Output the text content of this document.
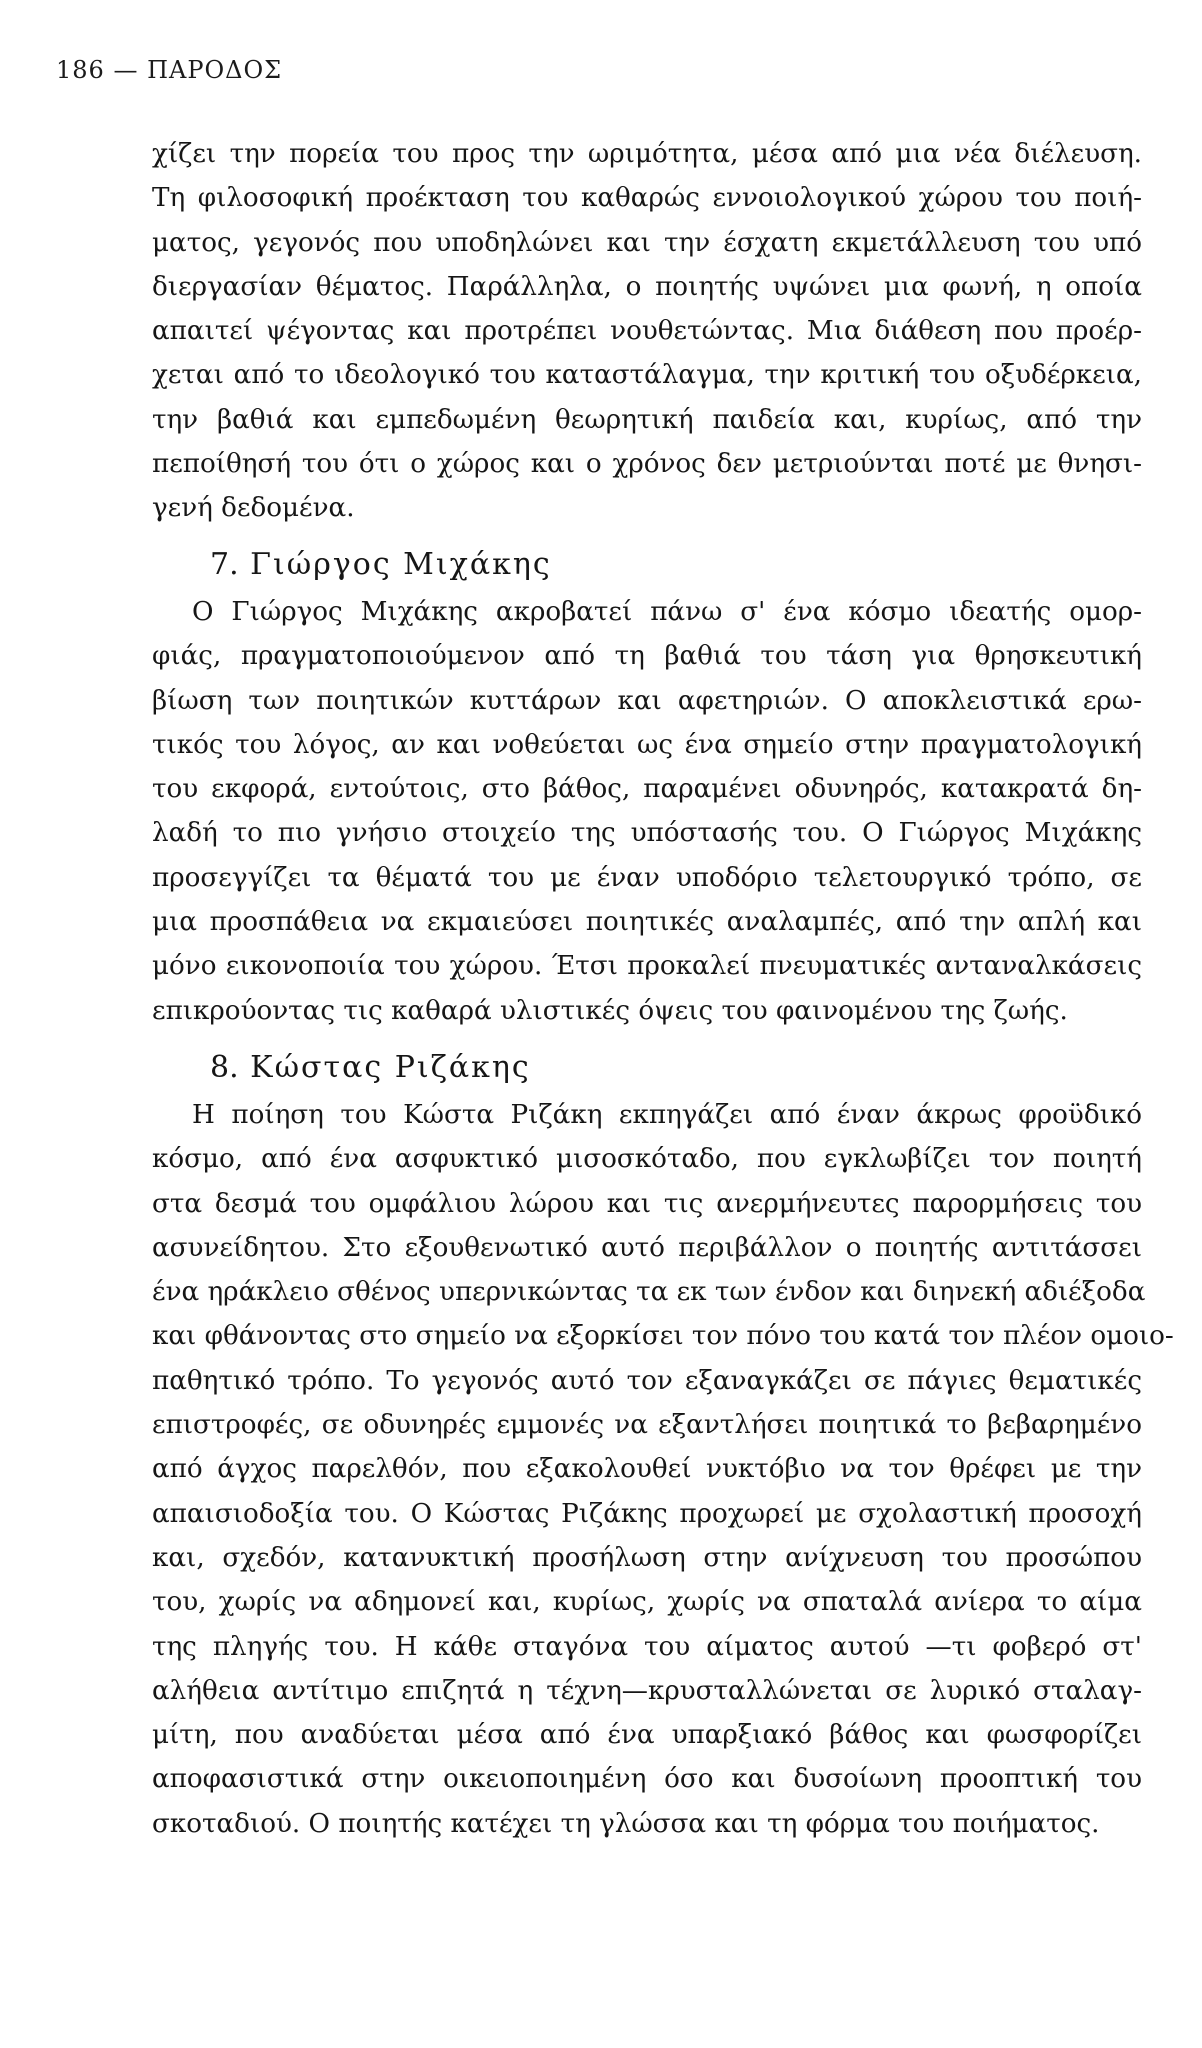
186 — ΠΑΡΟΔΟΣ
χίζει την πορεία του προς την ωριμότητα, μέσα από μια νέα διέλευση.
Τη φιλοσοφική προέκταση του καθαρώς εννοιολογικού χώρου του ποιή-
ματος, γεγονός που υποδηλώνει και την έσχατη εκμετάλλευση του υπό
διεργασίαν θέματος. Παράλληλα, ο ποιητής υψώνει μια φωνή, η οποία
απαιτεί ψέγοντας και προτρέπει νουθετώντας. Μια διάθεση που προέρ-
χεται από το ιδεολογικό του καταστάλαγμα, την κριτική του οξυδέρκεια,
την βαθιά και εμπεδωμένη θεωρητική παιδεία και, κυρίως, από την
πεποίθησή του ότι ο χώρος και ο χρόνος δεν μετριούνται ποτέ με θνησι-
γενή δεδομένα.
7. Γιώργος Μιχάκης
Ο Γιώργος Μιχάκης ακροβατεί πάνω σ' ένα κόσμο ιδεατής ομορ-
φιάς, πραγματοποιούμενον από τη βαθιά του τάση για θρησκευτική
βίωση των ποιητικών κυττάρων και αφετηριών. Ο αποκλειστικά ερω-
τικός του λόγος, αν και νοθεύεται ως ένα σημείο στην πραγματολογική
του εκφορά, εντούτοις, στο βάθος, παραμένει οδυνηρός, κατακρατά δη-
λαδή το πιο γνήσιο στοιχείο της υπόστασής του. Ο Γιώργος Μιχάκης
προσεγγίζει τα θέματά του με έναν υποδόριο τελετουργικό τρόπο, σε
μια προσπάθεια να εκμαιεύσει ποιητικές αναλαμπές, από την απλή και
μόνο εικονοποιία του χώρου. Έτσι προκαλεί πνευματικές ανταναλκάσεις
επικρούοντας τις καθαρά υλιστικές όψεις του φαινομένου της ζωής.
8. Κώστας Ριζάκης
Η ποίηση του Κώστα Ριζάκη εκπηγάζει από έναν άκρως φροϋδικό
κόσμο, από ένα ασφυκτικό μισοσκόταδο, που εγκλωβίζει τον ποιητή
στα δεσμά του ομφάλιου λώρου και τις ανερμήνευτες παρορμήσεις του
ασυνείδητου. Στο εξουθενωτικό αυτό περιβάλλον ο ποιητής αντιτάσσει
ένα ηράκλειο σθένος υπερνικώντας τα εκ των ένδον και διηνεκή αδιέξοδα
και φθάνοντας στο σημείο να εξορκίσει τον πόνο του κατά τον πλέον ομοιο-
παθητικό τρόπο. Το γεγονός αυτό τον εξαναγκάζει σε πάγιες θεματικές
επιστροφές, σε οδυνηρές εμμονές να εξαντλήσει ποιητικά το βεβαρημένο
από άγχος παρελθόν, που εξακολουθεί νυκτόβιο να τον θρέφει με την
απαισιοδοξία του. Ο Κώστας Ριζάκης προχωρεί με σχολαστική προσοχή
και, σχεδόν, κατανυκτική προσήλωση στην ανίχνευση του προσώπου
του, χωρίς να αδημονεί και, κυρίως, χωρίς να σπαταλά ανίερα το αίμα
της πληγής του. Η κάθε σταγόνα του αίματος αυτού —τι φοβερό στ'
αλήθεια αντίτιμο επιζητά η τέχνη—κρυσταλλώνεται σε λυρικό σταλαγ-
μίτη, που αναδύεται μέσα από ένα υπαρξιακό βάθος και φωσφορίζει
αποφασιστικά στην οικειοποιημένη όσο και δυσοίωνη προοπτική του
σκοταδιού. Ο ποιητής κατέχει τη γλώσσα και τη φόρμα του ποιήματος.
